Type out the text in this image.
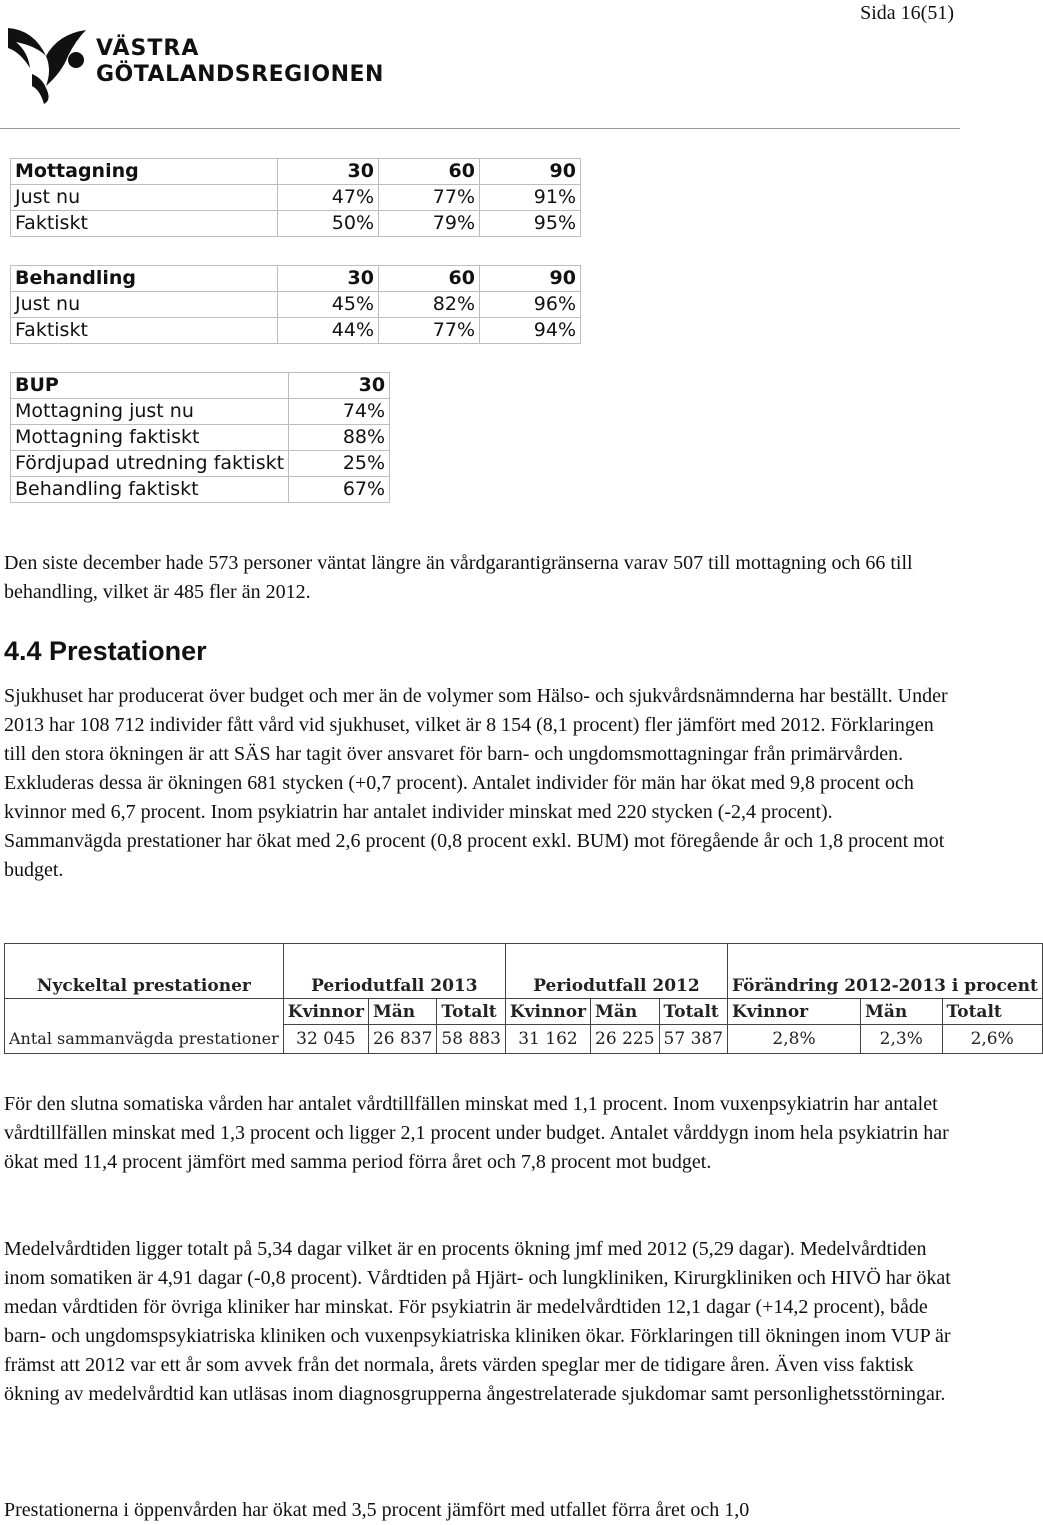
Sida 16(51)
VÄSTRA
GÖTALANDSREGIONEN
Mottagning	30	60	90
Just nu	47%	77%	91%
Faktiskt	50%	79%	95%
Behandling	30	60	90
Just nu	45%	82%	96%
Faktiskt	44%	77%	94%
BUP	30
Mottagning just nu	74%
Mottagning faktiskt	88%
Fördjupad utredning faktiskt	25%
Behandling faktiskt	67%

Den siste december hade 573 personer väntat längre än vårdgarantigränserna varav 507 till mottagning och 66 till behandling, vilket är 485 fler än 2012.

4.4 Prestationer

Sjukhuset har producerat över budget och mer än de volymer som Hälso- och sjukvårdsnämnderna har beställt. Under 2013 har 108 712 individer fått vård vid sjukhuset, vilket är 8 154 (8,1 procent) fler jämfört med 2012. Förklaringen till den stora ökningen är att SÄS har tagit över ansvaret för barn- och ungdomsmottagningar från primärvården. Exkluderas dessa är ökningen 681 stycken (+0,7 procent). Antalet individer för män har ökat med 9,8 procent och kvinnor med 6,7 procent. Inom psykiatrin har antalet individer minskat med 220 stycken (-2,4 procent). Sammanvägda prestationer har ökat med 2,6 procent (0,8 procent exkl. BUM) mot föregående år och 1,8 procent mot budget.

Nyckeltal prestationer	Periodutfall 2013			Periodutfall 2012			Förändring 2012-2013 i procent		
	Kvinnor	Män	Totalt	Kvinnor	Män	Totalt	Kvinnor	Män	Totalt
Antal sammanvägda prestationer	32 045	26 837	58 883	31 162	26 225	57 387	2,8%	2,3%	2,6%

För den slutna somatiska vården har antalet vårdtillfällen minskat med 1,1 procent. Inom vuxenpsykiatrin har antalet vårdtillfällen minskat med 1,3 procent och ligger 2,1 procent under budget. Antalet vårddygn inom hela psykiatrin har ökat med 11,4 procent jämfört med samma period förra året och 7,8 procent mot budget.

Medelvårdtiden ligger totalt på 5,34 dagar vilket är en procents ökning jmf med 2012 (5,29 dagar). Medelvårdtiden inom somatiken är 4,91 dagar (-0,8 procent). Vårdtiden på Hjärt- och lungkliniken, Kirurgkliniken och HIVÖ har ökat medan vårdtiden för övriga kliniker har minskat. För psykiatrin är medelvårdtiden 12,1 dagar (+14,2 procent), både barn- och ungdomspsykiatriska kliniken och vuxenpsykiatriska kliniken ökar. Förklaringen till ökningen inom VUP är främst att 2012 var ett år som avvek från det normala, årets värden speglar mer de tidigare åren. Även viss faktisk ökning av medelvårdtid kan utläsas inom diagnosgrupperna ångestrelaterade sjukdomar samt personlighetsstörningar.

Prestationerna i öppenvården har ökat med 3,5 procent jämfört med utfallet förra året och 1,0
